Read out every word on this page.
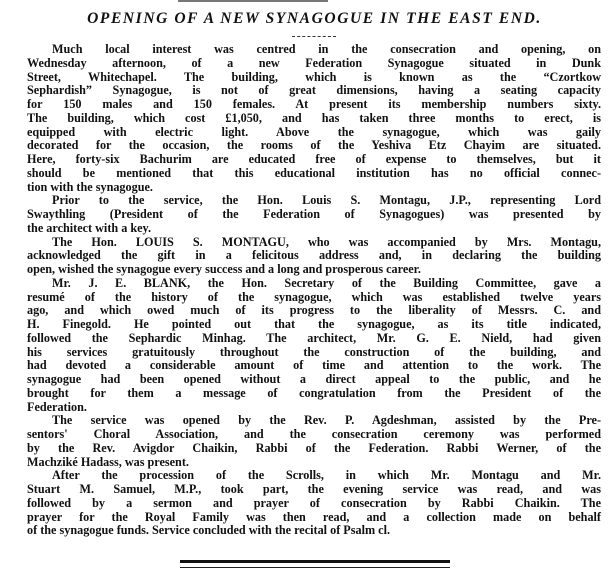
OPENING OF A NEW SYNAGOGUE IN THE EAST END.
Much local interest was centred in the consecration and opening, on
Wednesday afternoon, of a new Federation Synagogue situated in Dunk
Street, Whitechapel. The building, which is known as the “Czortkow
Sephardish” Synagogue, is not of great dimensions, having a seating capacity
for 150 males and 150 females. At present its membership numbers sixty.
The building, which cost £1,050, and has taken three months to erect, is
equipped with electric light. Above the synagogue, which was gaily
decorated for the occasion, the rooms of the Yeshiva Etz Chayim are situated.
Here, forty-six Bachurim are educated free of expense to themselves, but it
should be mentioned that this educational institution has no official connec-
tion with the synagogue.
Prior to the service, the Hon. Louis S. Montagu, J.P., representing Lord
Swaythling (President of the Federation of Synagogues) was presented by
the architect with a key.
The Hon. LOUIS S. MONTAGU, who was accompanied by Mrs. Montagu,
acknowledged the gift in a felicitous address and, in declaring the building
open, wished the synagogue every success and a long and prosperous career.
Mr. J. E. BLANK, the Hon. Secretary of the Building Committee, gave a
resumé of the history of the synagogue, which was established twelve years
ago, and which owed much of its progress to the liberality of Messrs. C. and
H. Finegold. He pointed out that the synagogue, as its title indicated,
followed the Sephardic Minhag. The architect, Mr. G. E. Nield, had given
his services gratuitously throughout the construction of the building, and
had devoted a considerable amount of time and attention to the work. The
synagogue had been opened without a direct appeal to the public, and he
brought for them a message of congratulation from the President of the
Federation.
The service was opened by the Rev. P. Agdeshman, assisted by the Pre-
sentors' Choral Association, and the consecration ceremony was performed
by the Rev. Avigdor Chaikin, Rabbi of the Federation. Rabbi Werner, of the
Machziké Hadass, was present.
After the procession of the Scrolls, in which Mr. Montagu and Mr.
Stuart M. Samuel, M.P., took part, the evening service was read, and was
followed by a sermon and prayer of consecration by Rabbi Chaikin. The
prayer for the Royal Family was then read, and a collection made on behalf
of the synagogue funds. Service concluded with the recital of Psalm cl.
